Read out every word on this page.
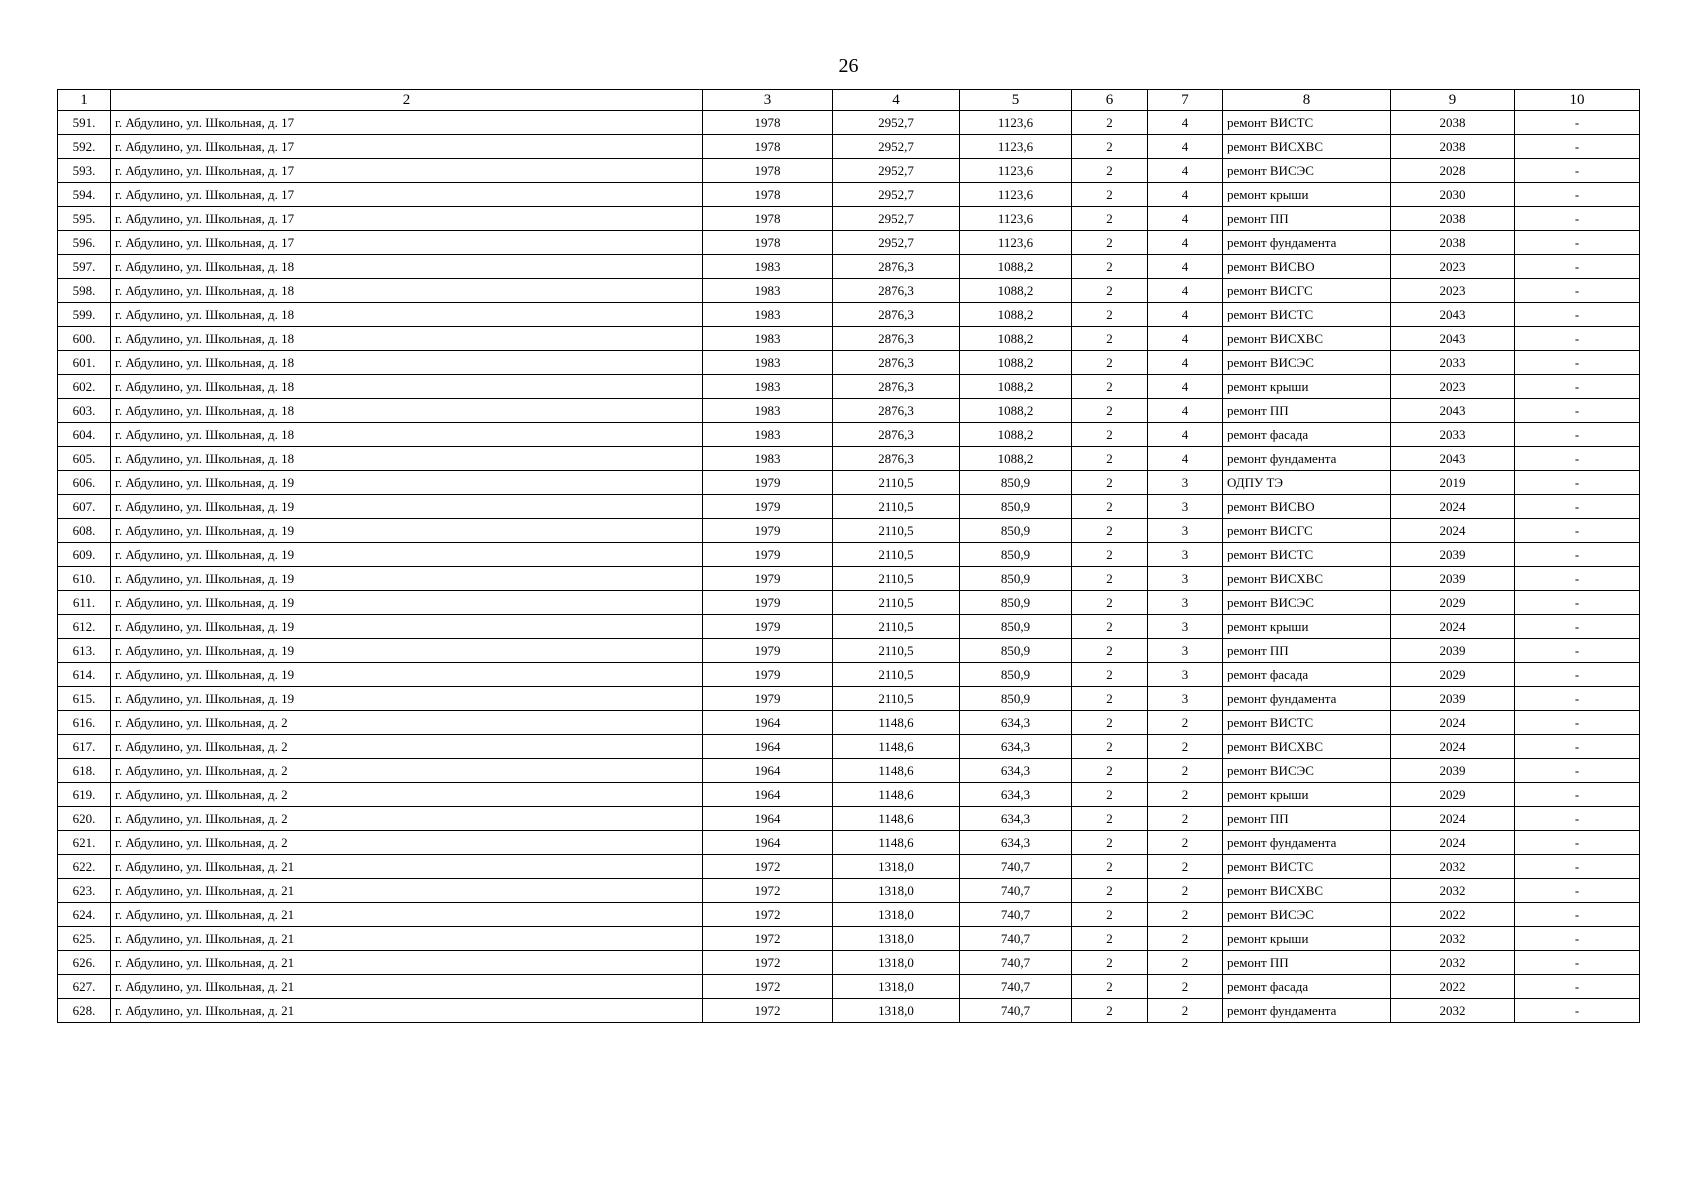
26
1	2	3	4	5	6	7	8	9	10
591.	г. Абдулино, ул. Школьная, д. 17	1978	2952,7	1123,6	2	4	ремонт ВИСТС	2038	-
592.	г. Абдулино, ул. Школьная, д. 17	1978	2952,7	1123,6	2	4	ремонт ВИСХВС	2038	-
593.	г. Абдулино, ул. Школьная, д. 17	1978	2952,7	1123,6	2	4	ремонт ВИСЭС	2028	-
594.	г. Абдулино, ул. Школьная, д. 17	1978	2952,7	1123,6	2	4	ремонт крыши	2030	-
595.	г. Абдулино, ул. Школьная, д. 17	1978	2952,7	1123,6	2	4	ремонт ПП	2038	-
596.	г. Абдулино, ул. Школьная, д. 17	1978	2952,7	1123,6	2	4	ремонт фундамента	2038	-
597.	г. Абдулино, ул. Школьная, д. 18	1983	2876,3	1088,2	2	4	ремонт ВИСВО	2023	-
598.	г. Абдулино, ул. Школьная, д. 18	1983	2876,3	1088,2	2	4	ремонт ВИСГС	2023	-
599.	г. Абдулино, ул. Школьная, д. 18	1983	2876,3	1088,2	2	4	ремонт ВИСТС	2043	-
600.	г. Абдулино, ул. Школьная, д. 18	1983	2876,3	1088,2	2	4	ремонт ВИСХВС	2043	-
601.	г. Абдулино, ул. Школьная, д. 18	1983	2876,3	1088,2	2	4	ремонт ВИСЭС	2033	-
602.	г. Абдулино, ул. Школьная, д. 18	1983	2876,3	1088,2	2	4	ремонт крыши	2023	-
603.	г. Абдулино, ул. Школьная, д. 18	1983	2876,3	1088,2	2	4	ремонт ПП	2043	-
604.	г. Абдулино, ул. Школьная, д. 18	1983	2876,3	1088,2	2	4	ремонт фасада	2033	-
605.	г. Абдулино, ул. Школьная, д. 18	1983	2876,3	1088,2	2	4	ремонт фундамента	2043	-
606.	г. Абдулино, ул. Школьная, д. 19	1979	2110,5	850,9	2	3	ОДПУ ТЭ	2019	-
607.	г. Абдулино, ул. Школьная, д. 19	1979	2110,5	850,9	2	3	ремонт ВИСВО	2024	-
608.	г. Абдулино, ул. Школьная, д. 19	1979	2110,5	850,9	2	3	ремонт ВИСГС	2024	-
609.	г. Абдулино, ул. Школьная, д. 19	1979	2110,5	850,9	2	3	ремонт ВИСТС	2039	-
610.	г. Абдулино, ул. Школьная, д. 19	1979	2110,5	850,9	2	3	ремонт ВИСХВС	2039	-
611.	г. Абдулино, ул. Школьная, д. 19	1979	2110,5	850,9	2	3	ремонт ВИСЭС	2029	-
612.	г. Абдулино, ул. Школьная, д. 19	1979	2110,5	850,9	2	3	ремонт крыши	2024	-
613.	г. Абдулино, ул. Школьная, д. 19	1979	2110,5	850,9	2	3	ремонт ПП	2039	-
614.	г. Абдулино, ул. Школьная, д. 19	1979	2110,5	850,9	2	3	ремонт фасада	2029	-
615.	г. Абдулино, ул. Школьная, д. 19	1979	2110,5	850,9	2	3	ремонт фундамента	2039	-
616.	г. Абдулино, ул. Школьная, д. 2	1964	1148,6	634,3	2	2	ремонт ВИСТС	2024	-
617.	г. Абдулино, ул. Школьная, д. 2	1964	1148,6	634,3	2	2	ремонт ВИСХВС	2024	-
618.	г. Абдулино, ул. Школьная, д. 2	1964	1148,6	634,3	2	2	ремонт ВИСЭС	2039	-
619.	г. Абдулино, ул. Школьная, д. 2	1964	1148,6	634,3	2	2	ремонт крыши	2029	-
620.	г. Абдулино, ул. Школьная, д. 2	1964	1148,6	634,3	2	2	ремонт ПП	2024	-
621.	г. Абдулино, ул. Школьная, д. 2	1964	1148,6	634,3	2	2	ремонт фундамента	2024	-
622.	г. Абдулино, ул. Школьная, д. 21	1972	1318,0	740,7	2	2	ремонт ВИСТС	2032	-
623.	г. Абдулино, ул. Школьная, д. 21	1972	1318,0	740,7	2	2	ремонт ВИСХВС	2032	-
624.	г. Абдулино, ул. Школьная, д. 21	1972	1318,0	740,7	2	2	ремонт ВИСЭС	2022	-
625.	г. Абдулино, ул. Школьная, д. 21	1972	1318,0	740,7	2	2	ремонт крыши	2032	-
626.	г. Абдулино, ул. Школьная, д. 21	1972	1318,0	740,7	2	2	ремонт ПП	2032	-
627.	г. Абдулино, ул. Школьная, д. 21	1972	1318,0	740,7	2	2	ремонт фасада	2022	-
628.	г. Абдулино, ул. Школьная, д. 21	1972	1318,0	740,7	2	2	ремонт фундамента	2032	-
